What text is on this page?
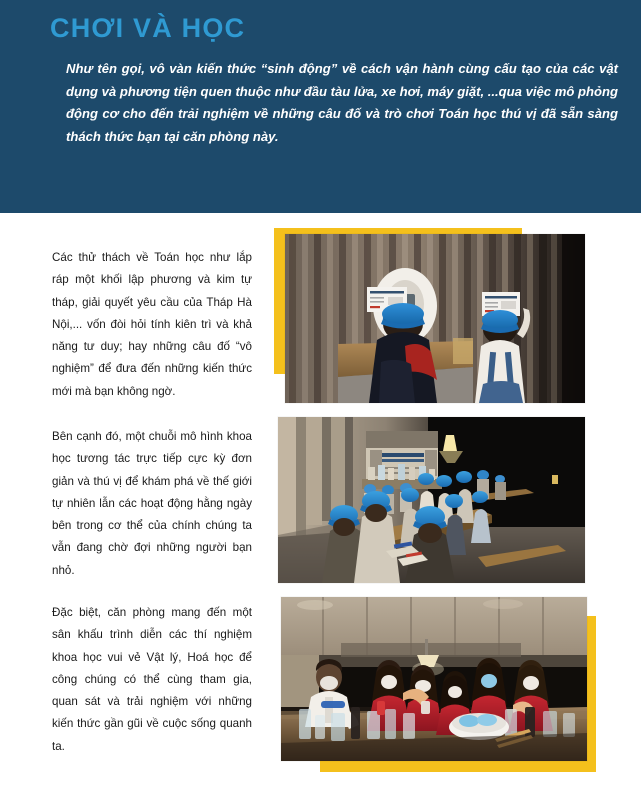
CHƠI VÀ HỌC
Như tên gọi, vô vàn kiến thức “sinh động” về cách vận hành cùng cấu tạo của các vật dụng và phương tiện quen thuộc như đầu tàu lửa, xe hơi, máy giặt, ...qua việc mô phỏng động cơ cho đến trải nghiệm về những câu đố và trò chơi Toán học thú vị đã sẵn sàng thách thức bạn tại căn phòng này.
Các thử thách về Toán học như lắp ráp một khối lập phương và kim tự tháp, giải quyết yêu cầu của Tháp Hà Nội,... vốn đòi hỏi tính kiên trì và khả năng tư duy; hay những câu đố “vô nghiệm” để đưa đến những kiến thức mới mà bạn không ngờ.
Bên cạnh đó, một chuỗi mô hình khoa học tương tác trực tiếp cực kỳ đơn giản và thú vị để khám phá về thế giới tự nhiên lẫn các hoạt động hằng ngày bên trong cơ thể của chính chúng ta vẫn đang chờ đợi những người bạn nhỏ.
Đặc biệt, căn phòng mang đến một sân khấu trình diễn các thí nghiệm khoa học vui vẻ Vật lý, Hoá học để công chúng có thể cùng tham gia, quan sát và trải nghiệm với những kiến thức gần gũi về cuộc sống quanh ta.
